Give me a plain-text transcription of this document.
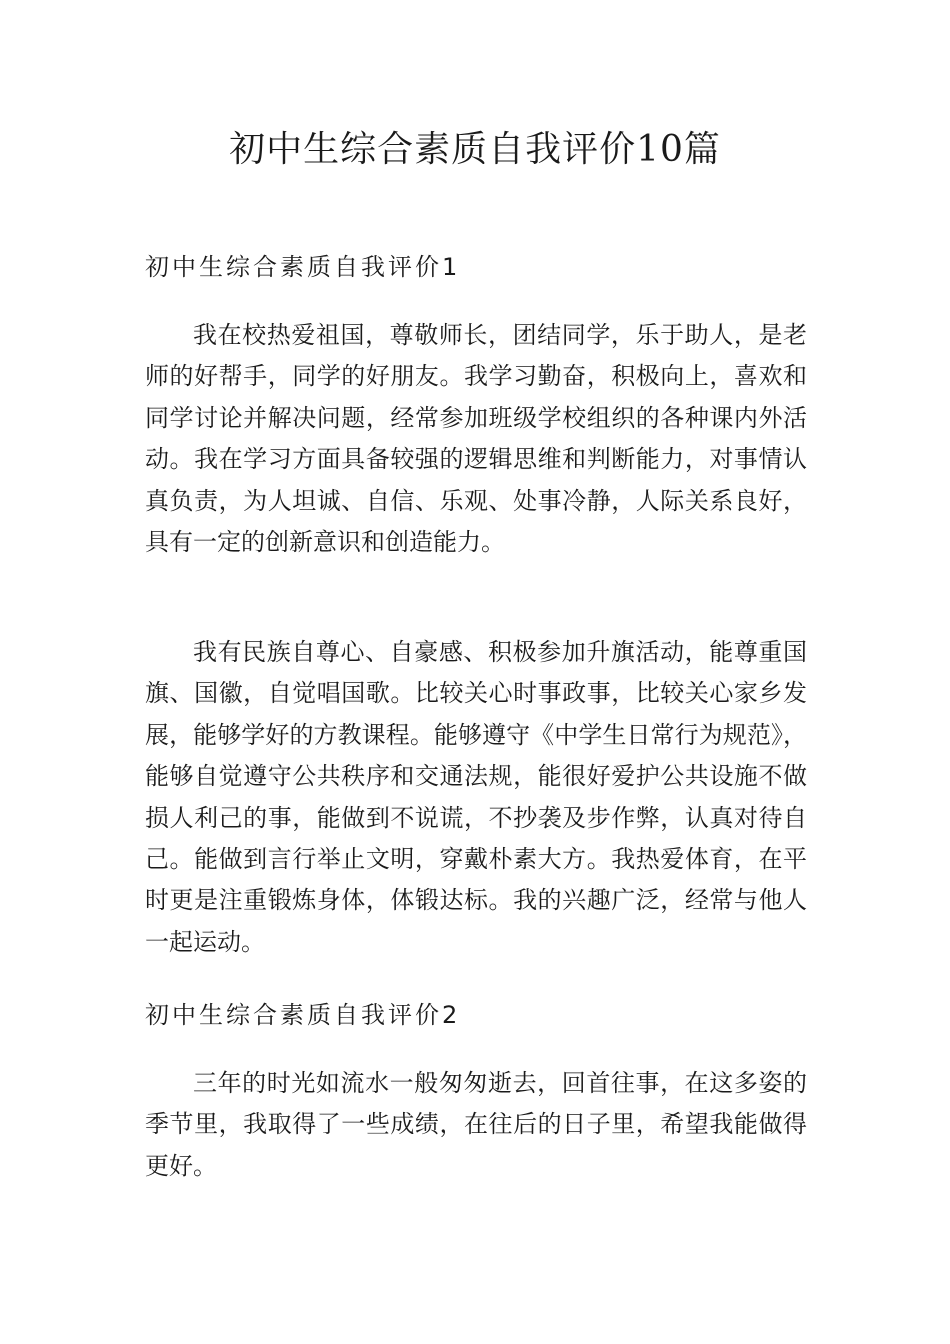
初中生综合素质自我评价10篇
初中生综合素质自我评价1

我在校热爱祖国，尊敬师长，团结同学，乐于助人，是老师的好帮手，同学的好朋友。我学习勤奋，积极向上，喜欢和同学讨论并解决问题，经常参加班级学校组织的各种课内外活动。我在学习方面具备较强的逻辑思维和判断能力，对事情认真负责，为人坦诚、自信、乐观、处事冷静，人际关系良好，具有一定的创新意识和创造能力。

我有民族自尊心、自豪感、积极参加升旗活动，能尊重国旗、国徽，自觉唱国歌。比较关心时事政事，比较关心家乡发展，能够学好的方教课程。能够遵守《中学生日常行为规范》，能够自觉遵守公共秩序和交通法规，能很好爱护公共设施不做损人利己的事，能做到不说谎，不抄袭及步作弊，认真对待自己。能做到言行举止文明，穿戴朴素大方。我热爱体育，在平时更是注重锻炼身体，体锻达标。我的兴趣广泛，经常与他人一起运动。

初中生综合素质自我评价2

三年的时光如流水一般匆匆逝去，回首往事，在这多姿的季节里，我取得了一些成绩，在往后的日子里，希望我能做得更好。
